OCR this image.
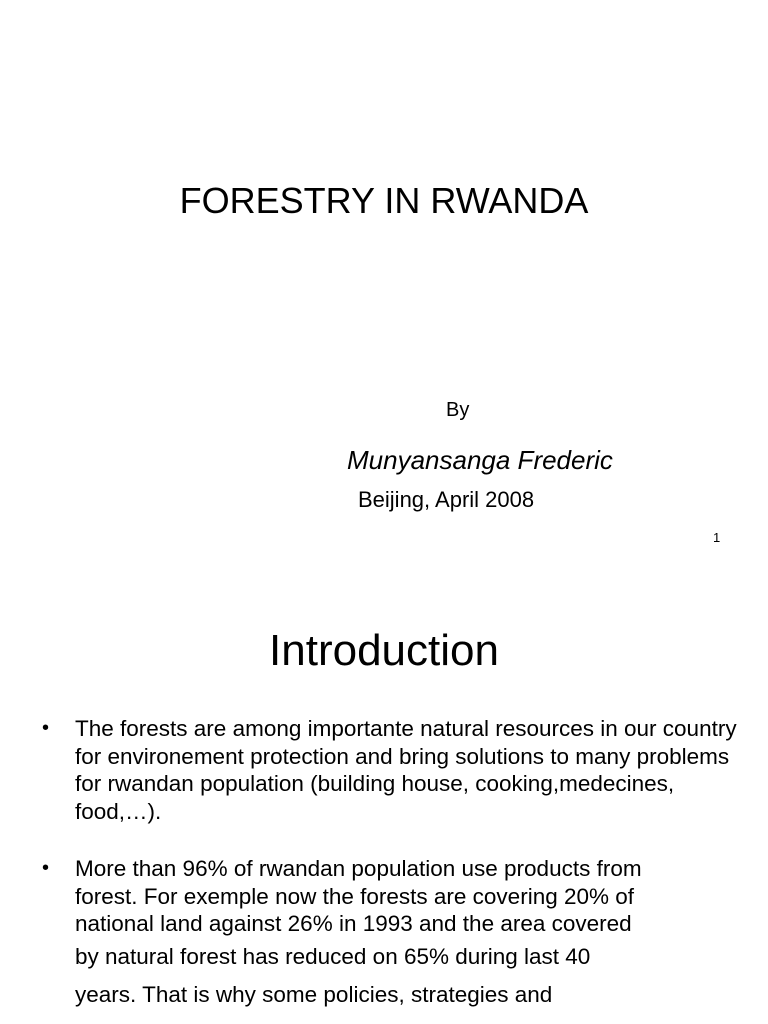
FORESTRY IN RWANDA
By
Munyansanga Frederic
Beijing, April 2008
1
Introduction
• The forests are among importante natural resources in our country for environement protection and bring solutions to many problems for rwandan population (building house, cooking,medecines, food,…).
• More than 96% of rwandan population use products from
forest. For exemple now the forests are covering 20% of
national land against 26% in 1993 and the area covered
by natural forest has reduced on 65% during last 40
years. That is why some policies, strategies and
